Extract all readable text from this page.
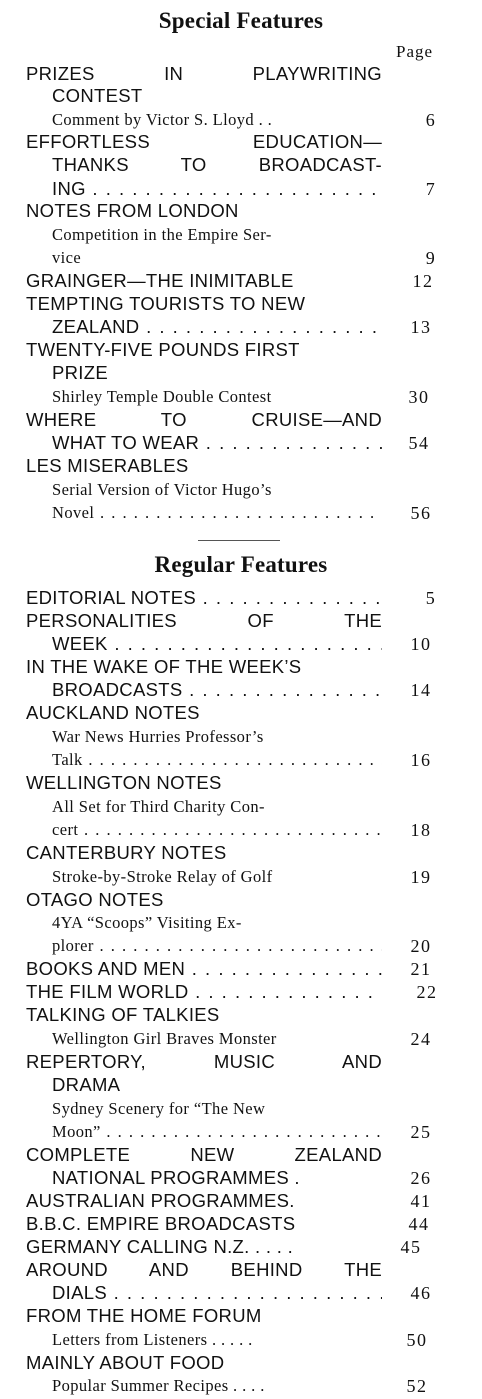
Special Features
Page
PRIZES IN PLAYWRITING
CONTEST
Comment by Victor S. Lloyd . .	6
EFFORTLESS EDUCATION—
THANKS TO BROADCAST-
ING . . .	7
NOTES FROM LONDON
Competition in the Empire Ser-
vice	9
GRAINGER—THE INIMITABLE	12
TEMPTING TOURISTS TO NEW
ZEALAND . . .	13
TWENTY-FIVE POUNDS FIRST
PRIZE
Shirley Temple Double Contest	30
WHERE TO CRUISE—AND
WHAT TO WEAR . . .	54
LES MISERABLES
Serial Version of Victor Hugo’s
Novel . . .	56
Regular Features
EDITORIAL NOTES . . .	5
PERSONALITIES OF THE
WEEK . . .	10
IN THE WAKE OF THE WEEK’S
BROADCASTS . . .	14
AUCKLAND NOTES
War News Hurries Professor’s
Talk . . .	16
WELLINGTON NOTES
All Set for Third Charity Con-
cert . . .	18
CANTERBURY NOTES
Stroke-by-Stroke Relay of Golf	19
OTAGO NOTES
4YA “Scoops” Visiting Ex-
plorer . . .	20
BOOKS AND MEN . . .	21
THE FILM WORLD . . .	22
TALKING OF TALKIES
Wellington Girl Braves Monster	24
REPERTORY, MUSIC AND
DRAMA
Sydney Scenery for “The New
Moon” . . .	25
COMPLETE NEW ZEALAND
NATIONAL PROGRAMMES .	26
AUSTRALIAN PROGRAMMES.	41
B.B.C. EMPIRE BROADCASTS	44
GERMANY CALLING N.Z. . . . .	45
AROUND AND BEHIND THE
DIALS . . .	46
FROM THE HOME FORUM
Letters from Listeners . . . . .	50
MAINLY ABOUT FOOD
Popular Summer Recipes . . . .	52
